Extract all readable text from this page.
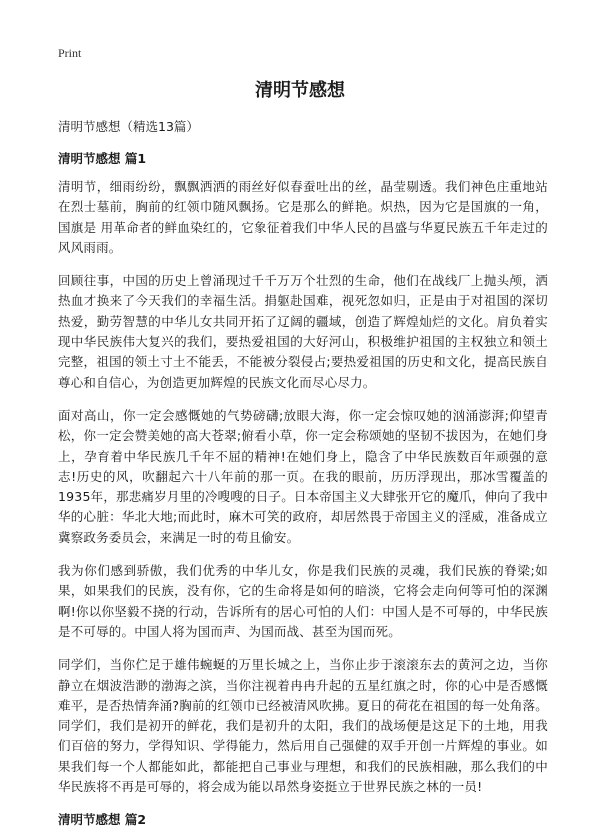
Print
清明节感想

清明节感想（精选13篇）

清明节感想 篇1

清明节，细雨纷纷，飘飘洒洒的雨丝好似春蚕吐出的丝，晶莹剔透。我们神色庄重地站在烈士墓前，胸前的红领巾随风飘扬。它是那么的鲜艳。炽热，因为它是国旗的一角，国旗是 用革命者的鲜血染红的，它象征着我们中华人民的昌盛与华夏民族五千年走过的风风雨雨。

回顾往事，中国的历史上曾涌现过千千万万个壮烈的生命，他们在战线厂上抛头颅，洒热血才换来了今天我们的幸福生活。捐躯赴国难，视死忽如归，正是由于对祖国的深切热爱，勤劳智慧的中华儿女共同开拓了辽阔的疆域，创造了辉煌灿烂的文化。肩负着实现中华民族伟大复兴的我们，要热爱祖国的大好河山，积极维护祖国的主权独立和领土完整，祖国的领土寸土不能丢，不能被分裂侵占;要热爱祖国的历史和文化，提高民族自尊心和自信心，为创造更加辉煌的民族文化而尽心尽力。

面对高山，你一定会感慨她的气势磅礴;放眼大海，你一定会惊叹她的汹涌澎湃;仰望青松，你一定会赞美她的高大苍翠;俯看小草，你一定会称颂她的坚韧不拔因为，在她们身上，孕育着中华民族几千年不屈的精神!在她们身上，隐含了中华民族数百年顽强的意志!历史的风，吹翻起六十八年前的那一页。在我的眼前，历历浮现出，那冰雪覆盖的1935年，那悲痛岁月里的冷嗖嗖的日子。日本帝国主义大肆张开它的魔爪，伸向了我中华的心脏：华北大地;而此时，麻木可笑的政府，却居然畏于帝国主义的淫威，准备成立冀察政务委员会，来满足一时的苟且偷安。

我为你们感到骄傲，我们优秀的中华儿女，你是我们民族的灵魂，我们民族的脊梁;如果，如果我们的民族，没有你，它的生命将是如何的暗淡，它将会走向何等可怕的深渊啊!你以你坚毅不挠的行动，告诉所有的居心可怕的人们：中国人是不可辱的，中华民族是不可辱的。中国人将为国而声、为国而战、甚至为国而死。

同学们，当你伫足于雄伟蜿蜒的万里长城之上，当你止步于滚滚东去的黄河之边，当你静立在烟波浩渺的渤海之滨，当你注视着冉冉升起的五星红旗之时，你的心中是否感慨难平，是否热情奔涌?胸前的红领巾已经被清风吹拂。夏日的荷花在祖国的每一处角落。同学们，我们是初开的鲜花，我们是初升的太阳，我们的战场便是这足下的土地，用我们百倍的努力，学得知识、学得能力，然后用自己强健的双手开创一片辉煌的事业。如果我们每一个人都能如此，都能把自己事业与理想，和我们的民族相融，那么我们的中华民族将不再是可辱的，将会成为能以昂然身姿挺立于世界民族之林的一员!

清明节感想 篇2
